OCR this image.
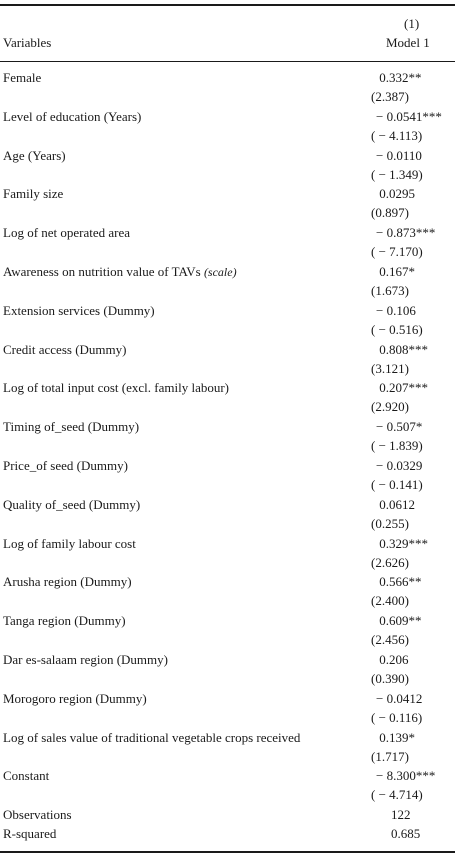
(1)
Variables	Model 1
Female	0.332**
(2.387)
Level of education (Years)	− 0.0541***
( − 4.113)
Age (Years)	− 0.0110
( − 1.349)
Family size	0.0295
(0.897)
Log of net operated area	− 0.873***
( − 7.170)
Awareness on nutrition value of TAVs (scale)	0.167*
(1.673)
Extension services (Dummy)	− 0.106
( − 0.516)
Credit access (Dummy)	0.808***
(3.121)
Log of total input cost (excl. family labour)	0.207***
(2.920)
Timing of_seed (Dummy)	− 0.507*
( − 1.839)
Price_of seed (Dummy)	− 0.0329
( − 0.141)
Quality of_seed (Dummy)	0.0612
(0.255)
Log of family labour cost	0.329***
(2.626)
Arusha region (Dummy)	0.566**
(2.400)
Tanga region (Dummy)	0.609**
(2.456)
Dar es-salaam region (Dummy)	0.206
(0.390)
Morogoro region (Dummy)	− 0.0412
( − 0.116)
Log of sales value of traditional vegetable crops received	0.139*
(1.717)
Constant	− 8.300***
( − 4.714)
Observations	122
R-squared	0.685
